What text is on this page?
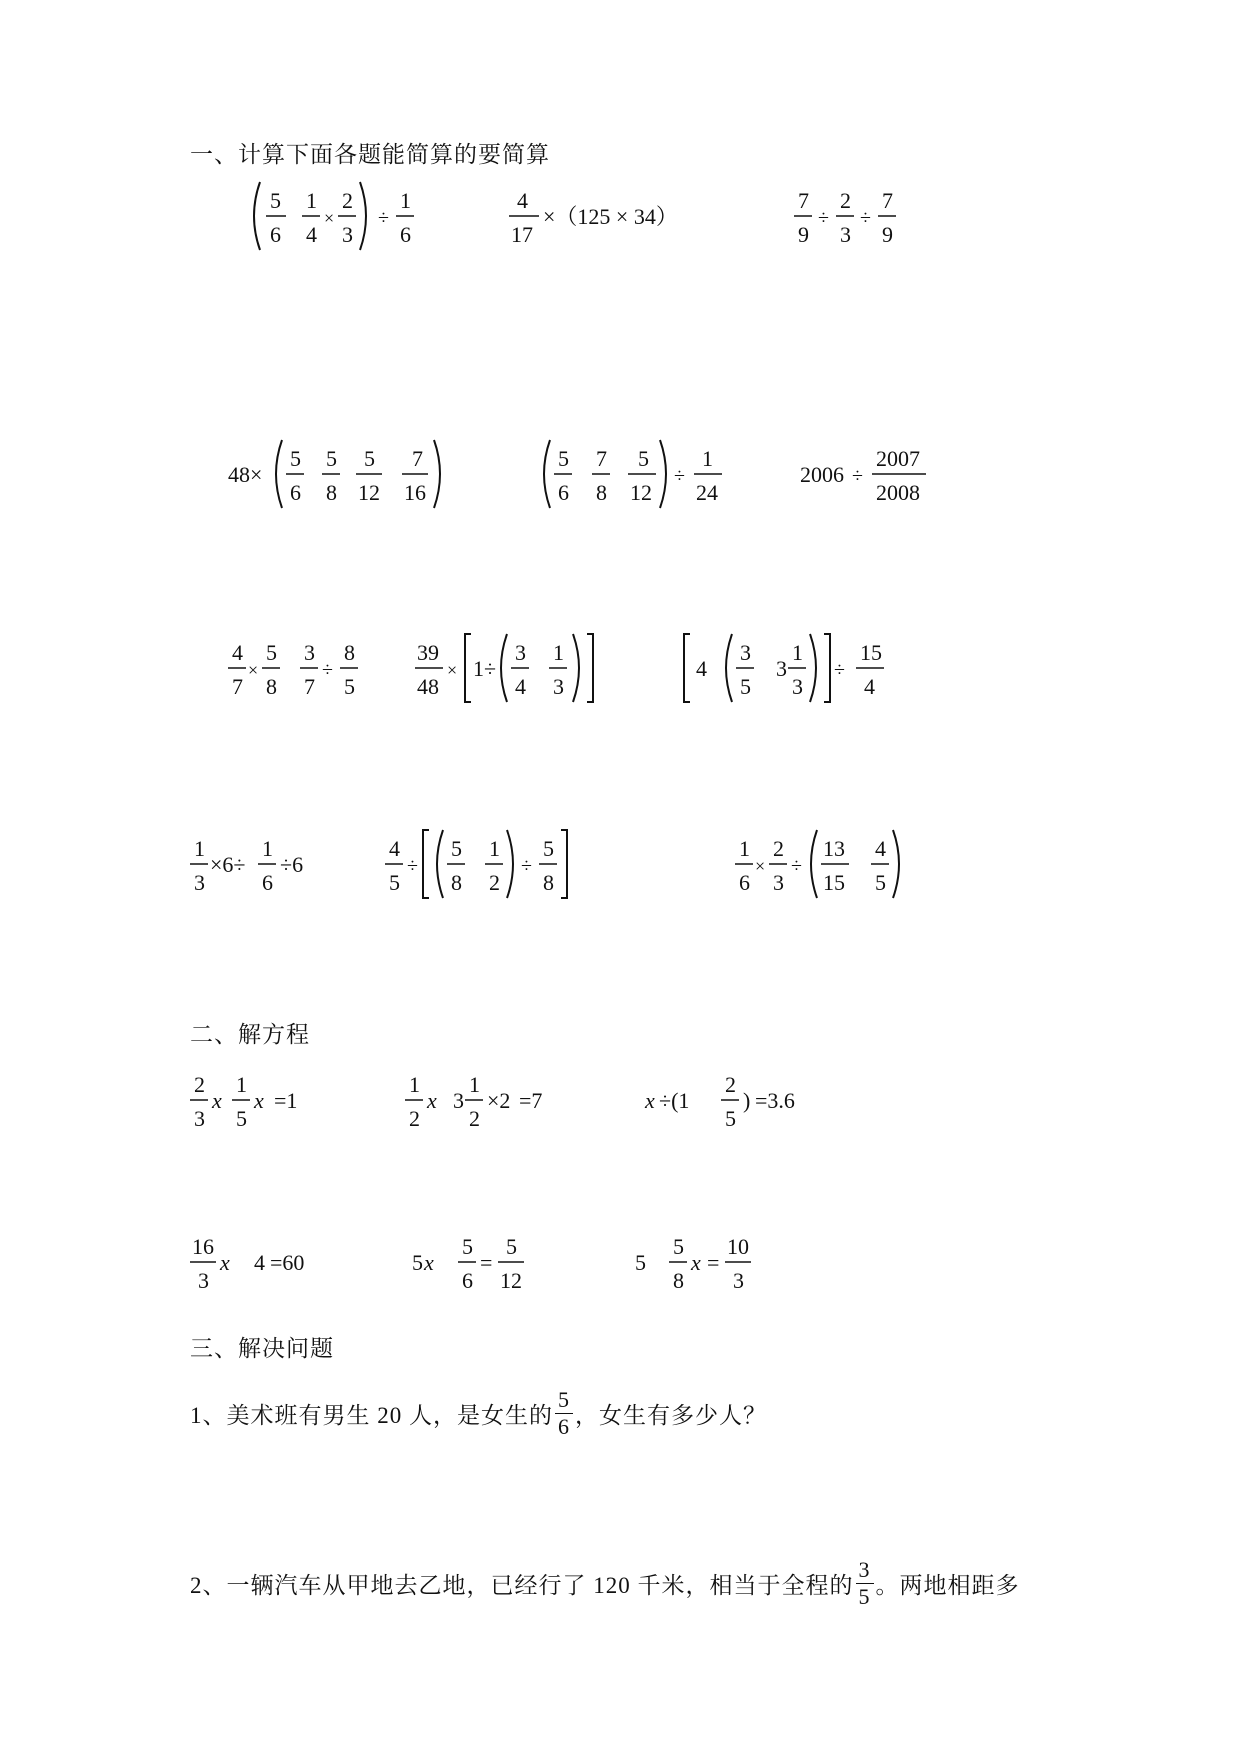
一、计算下面各题能简算的要简算
5
6
1
4
×
2
3
÷
1
6
4
17
×（125 × 34）
7
9
÷
2
3
÷
7
9
48×
5
6
5
8
5
12
7
16
5
6
7
8
5
12
÷
1
24
2006 ÷
2007
2008
4
7
×
5
8
3
7
÷
8
5
39
48
× 1÷
3
4
1
3
4
3
5
3
1
3
÷
15
4
1
3
×6÷
1
6
÷6
4
5
÷
5
8
1
2
÷
5
8
1
6
×
2
3
÷
13
15
4
5
二、解方程
2
3
x
1
5
x =1
1
2
x 3
1
2
×2 =7	x ÷(1
2
5
) =3.6
16
3
x 4 =60	5 x
5
6
=
5
12
5
5
8
x =
10
3
三、解决问题
1、美术班有男生 20 人，是女生的
5
6 ，女生有多少人？
2、一辆汽车从甲地去乙地，已经行了 120 千米，相当于全程的
3
5 。两地相距多
